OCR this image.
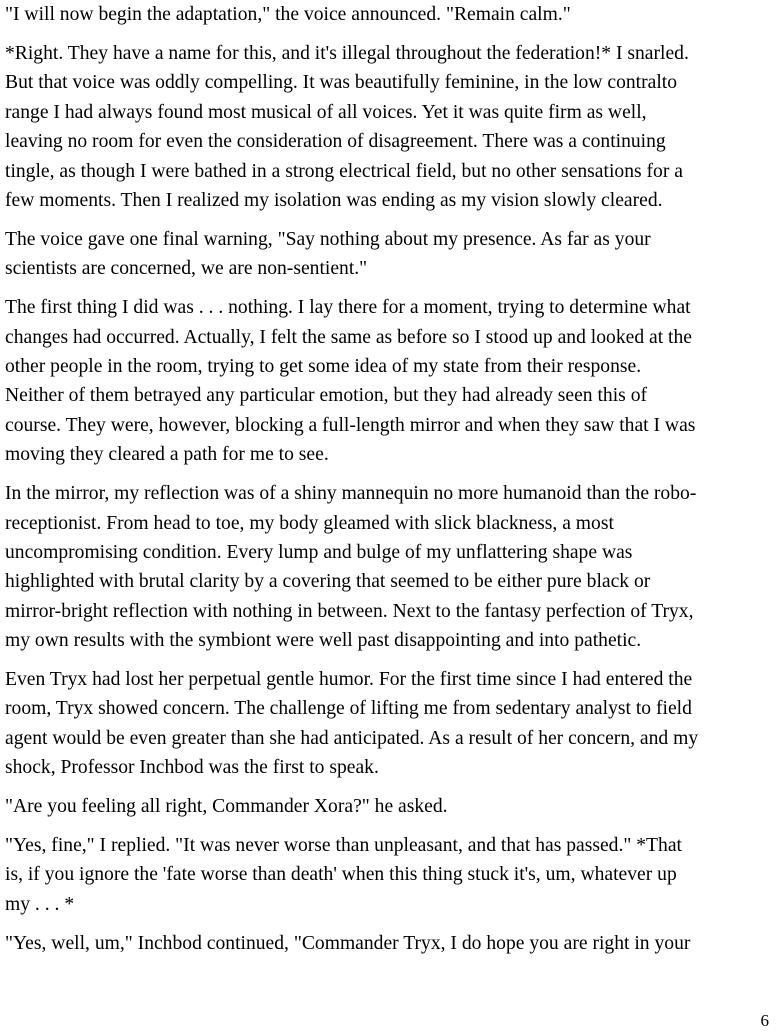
"I will now begin the adaptation," the voice announced. "Remain calm."

*Right. They have a name for this, and it's illegal throughout the federation!* I snarled.
But that voice was oddly compelling. It was beautifully feminine, in the low contralto
range I had always found most musical of all voices. Yet it was quite firm as well,
leaving no room for even the consideration of disagreement. There was a continuing
tingle, as though I were bathed in a strong electrical field, but no other sensations for a
few moments. Then I realized my isolation was ending as my vision slowly cleared.

The voice gave one final warning, "Say nothing about my presence. As far as your
scientists are concerned, we are non-sentient."

The first thing I did was . . . nothing. I lay there for a moment, trying to determine what
changes had occurred. Actually, I felt the same as before so I stood up and looked at the
other people in the room, trying to get some idea of my state from their response.
Neither of them betrayed any particular emotion, but they had already seen this of
course. They were, however, blocking a full-length mirror and when they saw that I was
moving they cleared a path for me to see.

In the mirror, my reflection was of a shiny mannequin no more humanoid than the robo-
receptionist. From head to toe, my body gleamed with slick blackness, a most
uncompromising condition. Every lump and bulge of my unflattering shape was
highlighted with brutal clarity by a covering that seemed to be either pure black or
mirror-bright reflection with nothing in between. Next to the fantasy perfection of Tryx,
my own results with the symbiont were well past disappointing and into pathetic.

Even Tryx had lost her perpetual gentle humor. For the first time since I had entered the
room, Tryx showed concern. The challenge of lifting me from sedentary analyst to field
agent would be even greater than she had anticipated. As a result of her concern, and my
shock, Professor Inchbod was the first to speak.

"Are you feeling all right, Commander Xora?" he asked.

"Yes, fine," I replied. "It was never worse than unpleasant, and that has passed." *That
is, if you ignore the 'fate worse than death' when this thing stuck it's, um, whatever up
my . . . *

"Yes, well, um," Inchbod continued, "Commander Tryx, I do hope you are right in your

6
